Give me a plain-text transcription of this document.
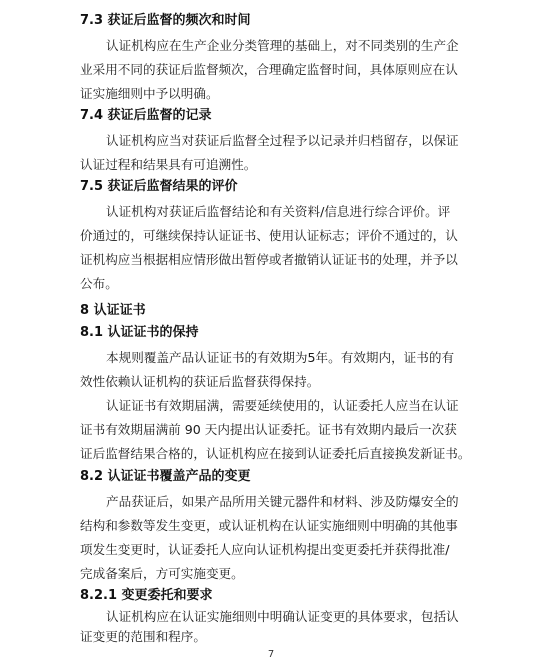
7.3 获证后监督的频次和时间
认证机构应在生产企业分类管理的基础上，对不同类别的生产企
业采用不同的获证后监督频次，合理确定监督时间，具体原则应在认
证实施细则中予以明确。
7.4 获证后监督的记录
认证机构应当对获证后监督全过程予以记录并归档留存，以保证
认证过程和结果具有可追溯性。
7.5 获证后监督结果的评价
认证机构对获证后监督结论和有关资料/信息进行综合评价。评
价通过的，可继续保持认证证书、使用认证标志；评价不通过的，认
证机构应当根据相应情形做出暂停或者撤销认证证书的处理，并予以
公布。
8 认证证书
8.1 认证证书的保持
本规则覆盖产品认证证书的有效期为5年。有效期内，证书的有
效性依赖认证机构的获证后监督获得保持。
认证证书有效期届满，需要延续使用的，认证委托人应当在认证
证书有效期届满前 90 天内提出认证委托。证书有效期内最后一次获
证后监督结果合格的，认证机构应在接到认证委托后直接换发新证书。
8.2 认证证书覆盖产品的变更
产品获证后，如果产品所用关键元器件和材料、涉及防爆安全的
结构和参数等发生变更，或认证机构在认证实施细则中明确的其他事
项发生变更时，认证委托人应向认证机构提出变更委托并获得批准/
完成备案后，方可实施变更。
8.2.1 变更委托和要求
认证机构应在认证实施细则中明确认证变更的具体要求，包括认
证变更的范围和程序。
7
